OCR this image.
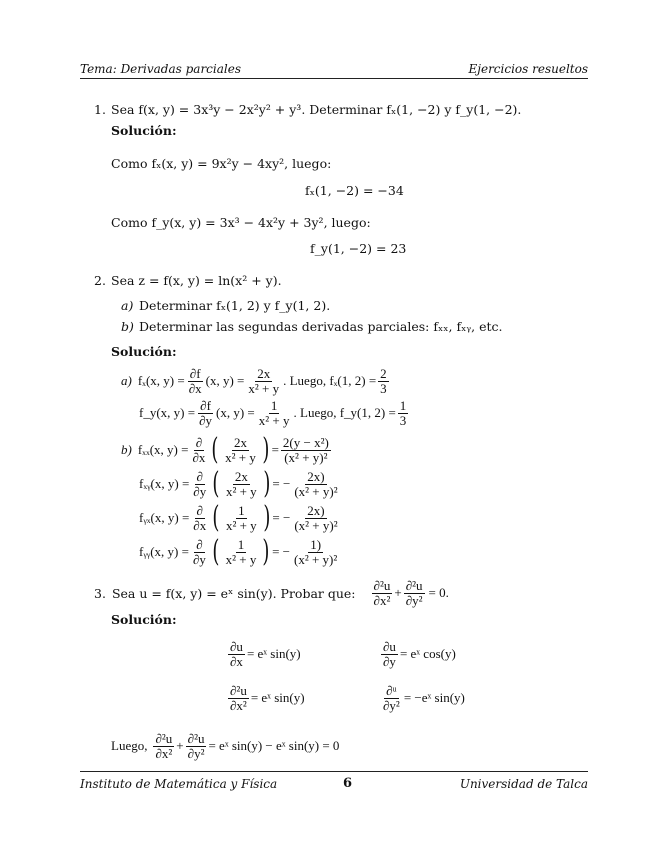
Tema: Derivadas parciales	Ejercicios resueltos
1. Sea f(x, y) = 3x³y − 2x²y² + y³. Determinar fₓ(1, −2) y f_y(1, −2).
Solución:
Como fₓ(x, y) = 9x²y − 4xy², luego:
fₓ(1, −2) = −34
Como f_y(x, y) = 3x³ − 4x²y + 3y², luego:
f_y(1, −2) = 23
2. Sea z = f(x, y) = ln(x² + y).
a) Determinar fₓ(1, 2) y f_y(1, 2).
b) Determinar las segundas derivadas parciales: fₓₓ, fₓᵧ, etc.
Solución:
a) fₓ(x, $y) = \frac{\partial f}{\partial x} (x$, $y) = \frac{2x}{\text{x² + y}}$ . Luego, fₓ(1, $2) = \frac{2}{3}$
f_y(x, $y) = \frac{\partial f}{\partial y} (x$, $y) = \frac{1}{\text{x² + y}}$ . Luego, f_y(1, $2) = \frac{1}{3}$
b) fₓₓ(x, $y) = \frac{\partial}{\partial x}$ ( $\frac{2x}{\text{x² + y}}$ ) = $\frac{\text{2(y − x²)}}{\text{(x² + y)²}}$
fₓᵧ(x, $y) = \frac{\partial}{\partial y}$ ( $\frac{2x}{\text{x² + y}}$ ) = − $\frac{2x)}{\text{(x² + y)²}}$
fᵧₓ(x, $y) = \frac{\partial}{\partial x}$ ( $\frac{1}{\text{x² + y}}$ ) = − $\frac{2x)}{\text{(x² + y)²}}$
fᵧᵧ(x, $y) = \frac{\partial}{\partial y}$ ( $\frac{1}{\text{x² + y}}$ ) = − $\frac{1)}{\text{(x² + y)²}}$
3. Sea u = f(x, y) = eˣ sin(y). Probar que: $\frac{\text{∂²u}}{\text{∂x²}} + \frac{\text{∂²u}}{\text{∂y²}} = 0$.
Solución:
$\frac{\partial u}{\partial x}$ = eˣ sin(y)	$\frac{\partial u}{\partial y}$ = eˣ cos(y)
$\frac{\text{∂²u}}{\text{∂x²}}$ = eˣ sin(y)	$\frac{\text{∂ᵘ}}{\text{∂y²}}$ = −eˣ sin(y)
Luego, $\frac{\text{∂²u}}{\text{∂x²}} + \frac{\text{∂²u}}{\text{∂y²}}$ = eˣ sin(y) − eˣ sin(y) = 0
Instituto de Matemática y Física	6	Universidad de Talca
